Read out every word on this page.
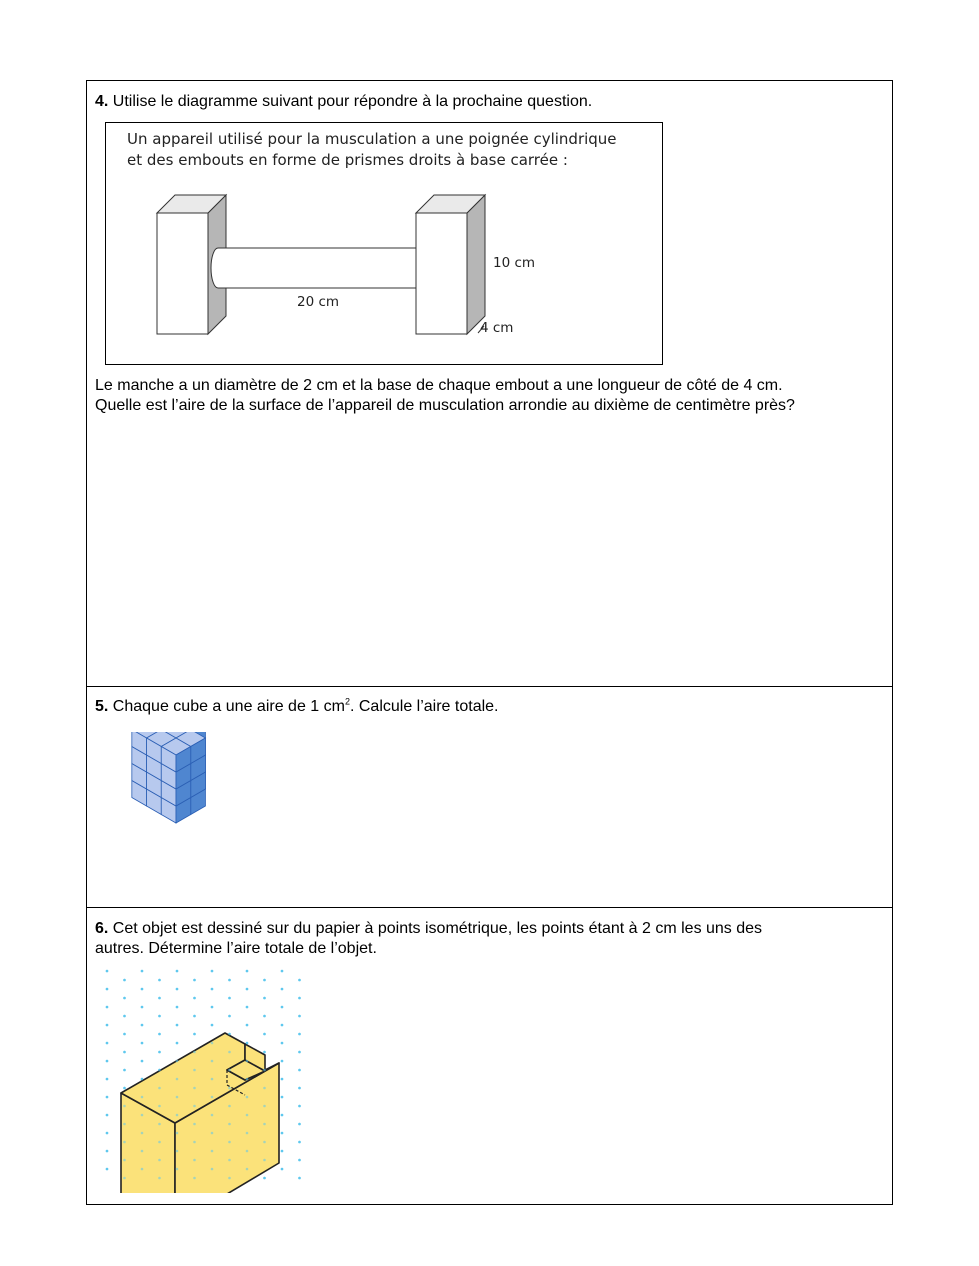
4. Utilise le diagramme suivant pour répondre à la prochaine question.
Un appareil utilisé pour la musculation a une poignée cylindrique
et des embouts en forme de prismes droits à base carrée :
20 cm
10 cm
4 cm
Le manche a un diamètre de 2 cm et la base de chaque embout a une longueur de côté de 4 cm.
Quelle est l’aire de la surface de l’appareil de musculation arrondie au dixième de centimètre près?
5. Chaque cube a une aire de 1 $cm^2$. Calcule l’aire totale.
6. Cet objet est dessiné sur du papier à points isométrique, les points étant à 2 cm les uns des
autres. Détermine l’aire totale de l’objet.
